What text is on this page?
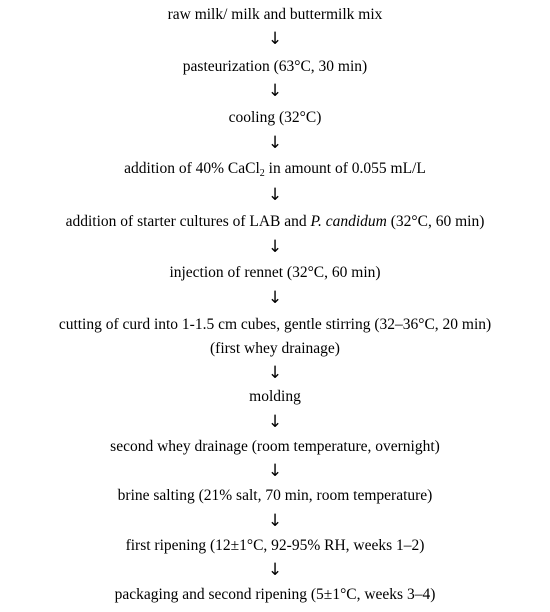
raw milk/ milk and buttermilk mix
↓
pasteurization (63°C, 30 min)
↓
cooling (32°C)
↓
addition of 40% CaCl$_2$ in amount of 0.055 mL/L
↓
addition of starter cultures of LAB and P. candidum (32°C, 60 min)
↓
injection of rennet (32°C, 60 min)
↓
cutting of curd into 1-1.5 cm cubes, gentle stirring (32–36°C, 20 min)
(first whey drainage)
↓
molding
↓
second whey drainage (room temperature, overnight)
↓
brine salting (21% salt, 70 min, room temperature)
↓
first ripening (12±1°C, 92-95% RH, weeks 1–2)
↓
packaging and second ripening (5±1°C, weeks 3–4)
